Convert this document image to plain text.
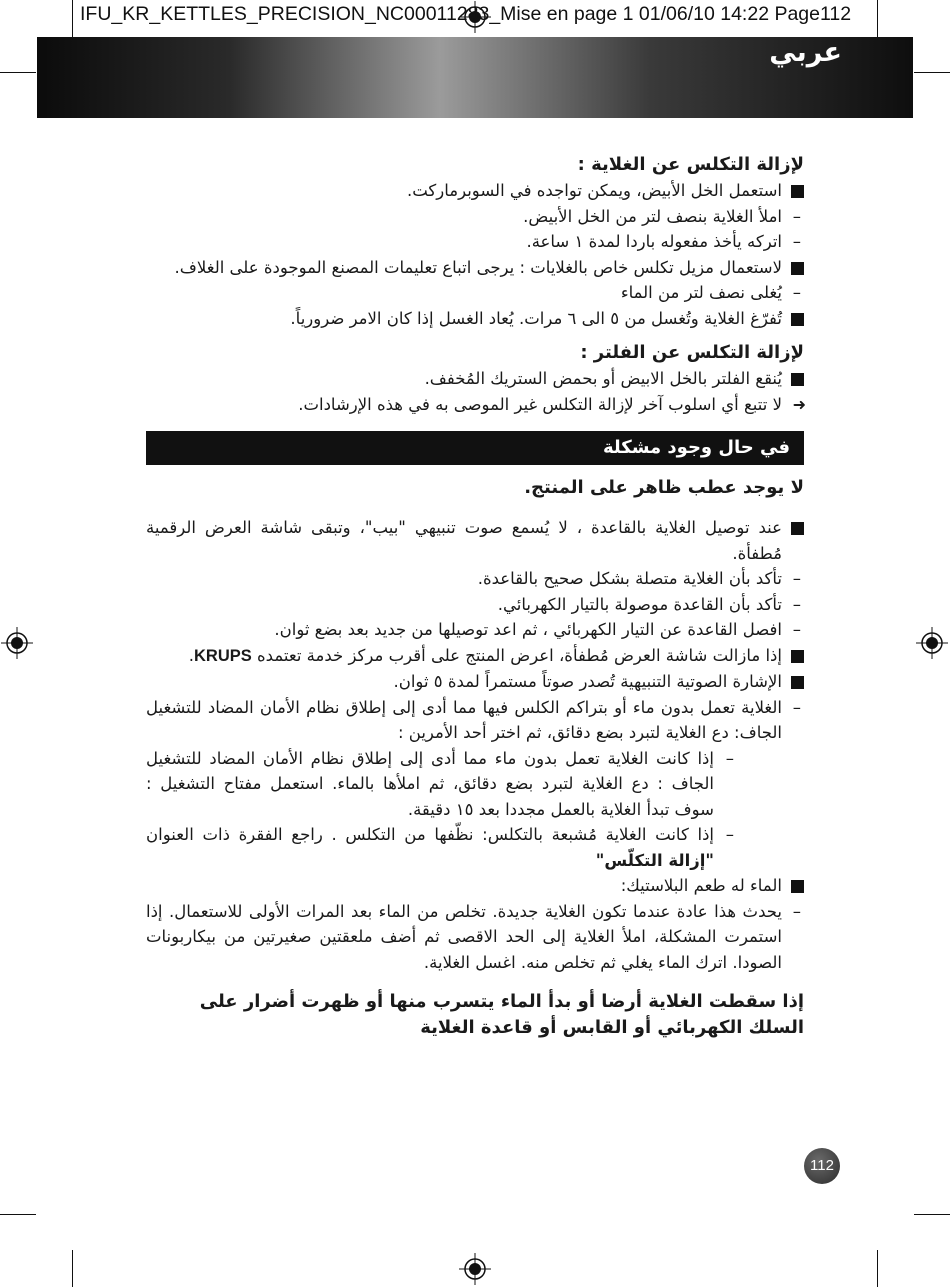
IFU_KR_KETTLES_PRECISION_NC00011283_Mise en page 1 01/06/10 14:22 Page112
عربي

لإزالة التكلس عن الغلاية :

استعمل الخل الأبيض، ويمكن تواجده في السوبرماركت.

–
املأ الغلاية بنصف لتر من الخل الأبيض.

–
اتركه يأخذ مفعوله باردا لمدة ١ ساعة.

لاستعمال مزيل تكلس خاص بالغلايات : يرجى اتباع تعليمات المصنع الموجودة على الغلاف.

–
يُغلى نصف لتر من الماء

تُفرّغ الغلاية وتُغسل من ٥ الى ٦ مرات. يُعاد الغسل إذا كان الامر ضرورياً.

لإزالة التكلس عن الفلتر :

يُنقع الفلتر بالخل الابيض أو بحمض الستريك المُخفف.

➜
لا تتبع أي اسلوب آخر لإزالة التكلس غير الموصى به في هذه الإرشادات.

في حال وجود مشكلة

لا يوجد عطب ظاهر على المنتج.

عند توصيل الغلاية بالقاعدة ، لا يُسمع صوت تنبيهي "بيب"، وتبقى شاشة العرض الرقمية مُطفأة.

–
تأكد بأن الغلاية متصلة بشكل صحيح بالقاعدة.

–
تأكد بأن القاعدة موصولة بالتيار الكهربائي.

–
افصل القاعدة عن التيار الكهربائي ، ثم اعد توصيلها من جديد بعد بضع ثوان.

إذا مازالت شاشة العرض مُطفأة، اعرض المنتج على أقرب مركز خدمة تعتمده KRUPS.

الإشارة الصوتية التنبيهية تُصدر صوتاً مستمراً لمدة ٥ ثوان.

–
الغلاية تعمل بدون ماء أو بتراكم الكلس فيها مما أدى إلى إطلاق نظام الأمان المضاد للتشغيل الجاف: دع الغلاية لتبرد بضع دقائق، ثم اختر أحد الأمرين :

–
إذا كانت الغلاية تعمل بدون ماء مما أدى إلى إطلاق نظام الأمان المضاد للتشغيل الجاف : دع الغلاية لتبرد بضع دقائق، ثم املأها بالماء. استعمل مفتاح التشغيل : سوف تبدأ الغلاية بالعمل مجددا بعد ١٥ دقيقة.

–
إذا كانت الغلاية مُشبعة بالتكلس: نظّفها من التكلس . راجع الفقرة ذات العنوان "إزالة التكلّس"

الماء له طعم البلاستيك:

–
يحدث هذا عادة عندما تكون الغلاية جديدة. تخلص من الماء بعد المرات الأولى للاستعمال. إذا استمرت المشكلة، املأ الغلاية إلى الحد الاقصى ثم أضف ملعقتين صغيرتين من بيكاربونات الصودا. اترك الماء يغلي ثم تخلص منه. اغسل الغلاية.

إذا سقطت الغلاية أرضا أو بدأ الماء يتسرب منها أو ظهرت أضرار على السلك الكهربائي أو القابس أو قاعدة الغلاية

112
